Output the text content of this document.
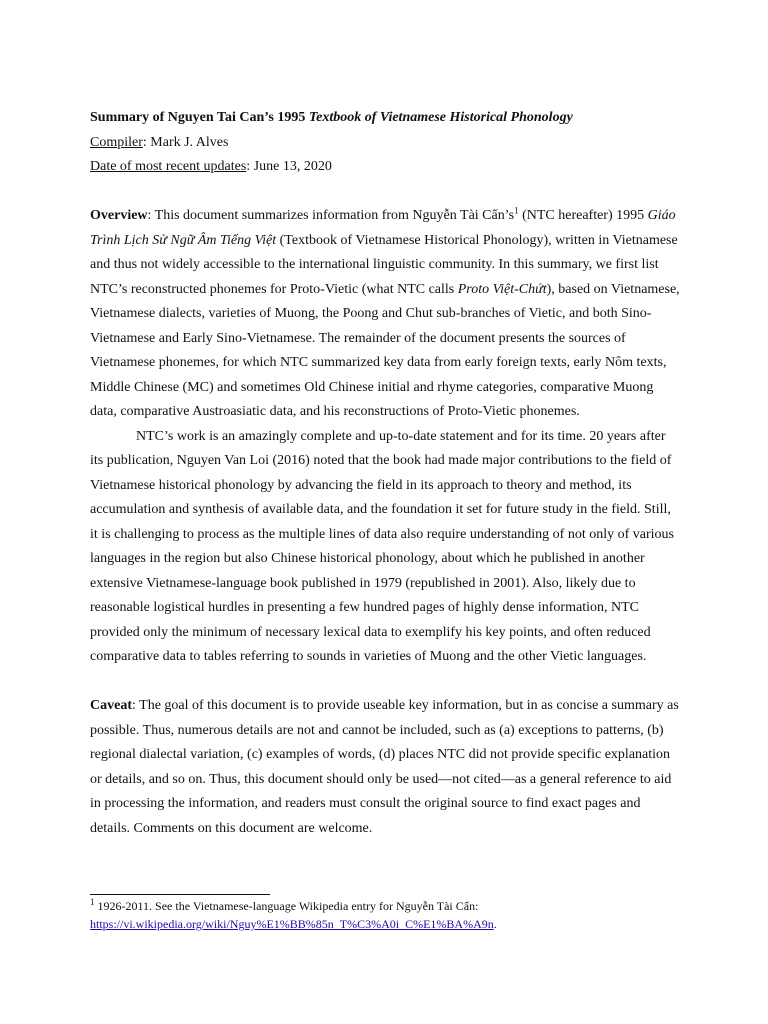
Summary of Nguyen Tai Can’s 1995 Textbook of Vietnamese Historical Phonology

Compiler: Mark J. Alves

Date of most recent updates: June 13, 2020

Overview: This document summarizes information from Nguyễn Tài $Cẩn’s^1$ (NTC hereafter) 1995 Giáo Trình Lịch Sử Ngữ Âm Tiếng Việt (Textbook of Vietnamese Historical Phonology), written in Vietnamese and thus not widely accessible to the international linguistic community. In this summary, we first list NTC’s reconstructed phonemes for Proto-Vietic (what NTC calls Proto Việt-Chứt), based on Vietnamese, Vietnamese dialects, varieties of Muong, the Poong and Chut sub-branches of Vietic, and both Sino-Vietnamese and Early Sino-Vietnamese. The remainder of the document presents the sources of Vietnamese phonemes, for which NTC summarized key data from early foreign texts, early Nôm texts, Middle Chinese (MC) and sometimes Old Chinese initial and rhyme categories, comparative Muong data, comparative Austroasiatic data, and his reconstructions of Proto-Vietic phonemes.

NTC’s work is an amazingly complete and up-to-date statement and for its time. 20 years after its publication, Nguyen Van Loi (2016) noted that the book had made major contributions to the field of Vietnamese historical phonology by advancing the field in its approach to theory and method, its accumulation and synthesis of available data, and the foundation it set for future study in the field. Still, it is challenging to process as the multiple lines of data also require understanding of not only of various languages in the region but also Chinese historical phonology, about which he published in another extensive Vietnamese-language book published in 1979 (republished in 2001). Also, likely due to reasonable logistical hurdles in presenting a few hundred pages of highly dense information, NTC provided only the minimum of necessary lexical data to exemplify his key points, and often reduced comparative data to tables referring to sounds in varieties of Muong and the other Vietic languages.

Caveat: The goal of this document is to provide useable key information, but in as concise a summary as possible. Thus, numerous details are not and cannot be included, such as (a) exceptions to patterns, (b) regional dialectal variation, (c) examples of words, (d) places NTC did not provide specific explanation or details, and so on. Thus, this document should only be used—not cited—as a general reference to aid in processing the information, and readers must consult the original source to find exact pages and details. Comments on this document are welcome.

$^1$ 1926-2011. See the Vietnamese-language Wikipedia entry for Nguyễn Tài Cẩn:
https://vi.wikipedia.org/wiki/Nguy%E1%BB%85n_T%C3%A0i_C%E1%BA%A9n.
